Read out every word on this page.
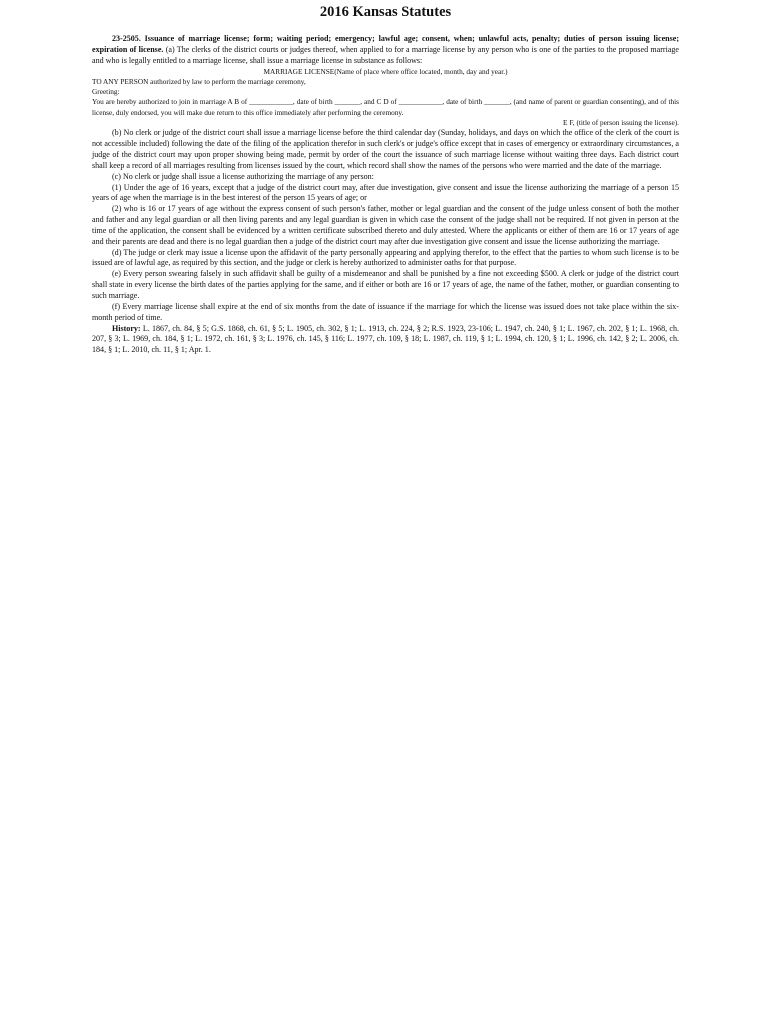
2016 Kansas Statutes

23-2505. Issuance of marriage license; form; waiting period; emergency; lawful age; consent, when; unlawful acts, penalty; duties of person issuing license; expiration of license. (a) The clerks of the district courts or judges thereof, when applied to for a marriage license by any person who is one of the parties to the proposed marriage and who is legally entitled to a marriage license, shall issue a marriage license in substance as follows:

MARRIAGE LICENSE(Name of place where office located, month, day and year.)

TO ANY PERSON authorized by law to perform the marriage ceremony,

Greeting:

You are hereby authorized to join in marriage A B of ____________, date of birth _______, and C D of ____________, date of birth _______, (and name of parent or guardian consenting), and of this license, duly endorsed, you will make due return to this office immediately after performing the ceremony.

E F, (title of person issuing the license).

(b) No clerk or judge of the district court shall issue a marriage license before the third calendar day (Sunday, holidays, and days on which the office of the clerk of the court is not accessible included) following the date of the filing of the application therefor in such clerk's or judge's office except that in cases of emergency or extraordinary circumstances, a judge of the district court may upon proper showing being made, permit by order of the court the issuance of such marriage license without waiting three days. Each district court shall keep a record of all marriages resulting from licenses issued by the court, which record shall show the names of the persons who were married and the date of the marriage.

(c) No clerk or judge shall issue a license authorizing the marriage of any person:

(1) Under the age of 16 years, except that a judge of the district court may, after due investigation, give consent and issue the license authorizing the marriage of a person 15 years of age when the marriage is in the best interest of the person 15 years of age; or

(2) who is 16 or 17 years of age without the express consent of such person's father, mother or legal guardian and the consent of the judge unless consent of both the mother and father and any legal guardian or all then living parents and any legal guardian is given in which case the consent of the judge shall not be required. If not given in person at the time of the application, the consent shall be evidenced by a written certificate subscribed thereto and duly attested. Where the applicants or either of them are 16 or 17 years of age and their parents are dead and there is no legal guardian then a judge of the district court may after due investigation give consent and issue the license authorizing the marriage.

(d) The judge or clerk may issue a license upon the affidavit of the party personally appearing and applying therefor, to the effect that the parties to whom such license is to be issued are of lawful age, as required by this section, and the judge or clerk is hereby authorized to administer oaths for that purpose.

(e) Every person swearing falsely in such affidavit shall be guilty of a misdemeanor and shall be punished by a fine not exceeding $500. A clerk or judge of the district court shall state in every license the birth dates of the parties applying for the same, and if either or both are 16 or 17 years of age, the name of the father, mother, or guardian consenting to such marriage.

(f) Every marriage license shall expire at the end of six months from the date of issuance if the marriage for which the license was issued does not take place within the six-month period of time.

History: L. 1867, ch. 84, § 5; G.S. 1868, ch. 61, § 5; L. 1905, ch. 302, § 1; L. 1913, ch. 224, § 2; R.S. 1923, 23-106; L. 1947, ch. 240, § 1; L. 1967, ch. 202, § 1; L. 1968, ch. 207, § 3; L. 1969, ch. 184, § 1; L. 1972, ch. 161, § 3; L. 1976, ch. 145, § 116; L. 1977, ch. 109, § 18; L. 1987, ch. 119, § 1; L. 1994, ch. 120, § 1; L. 1996, ch. 142, § 2; L. 2006, ch. 184, § 1; L. 2010, ch. 11, § 1; Apr. 1.
